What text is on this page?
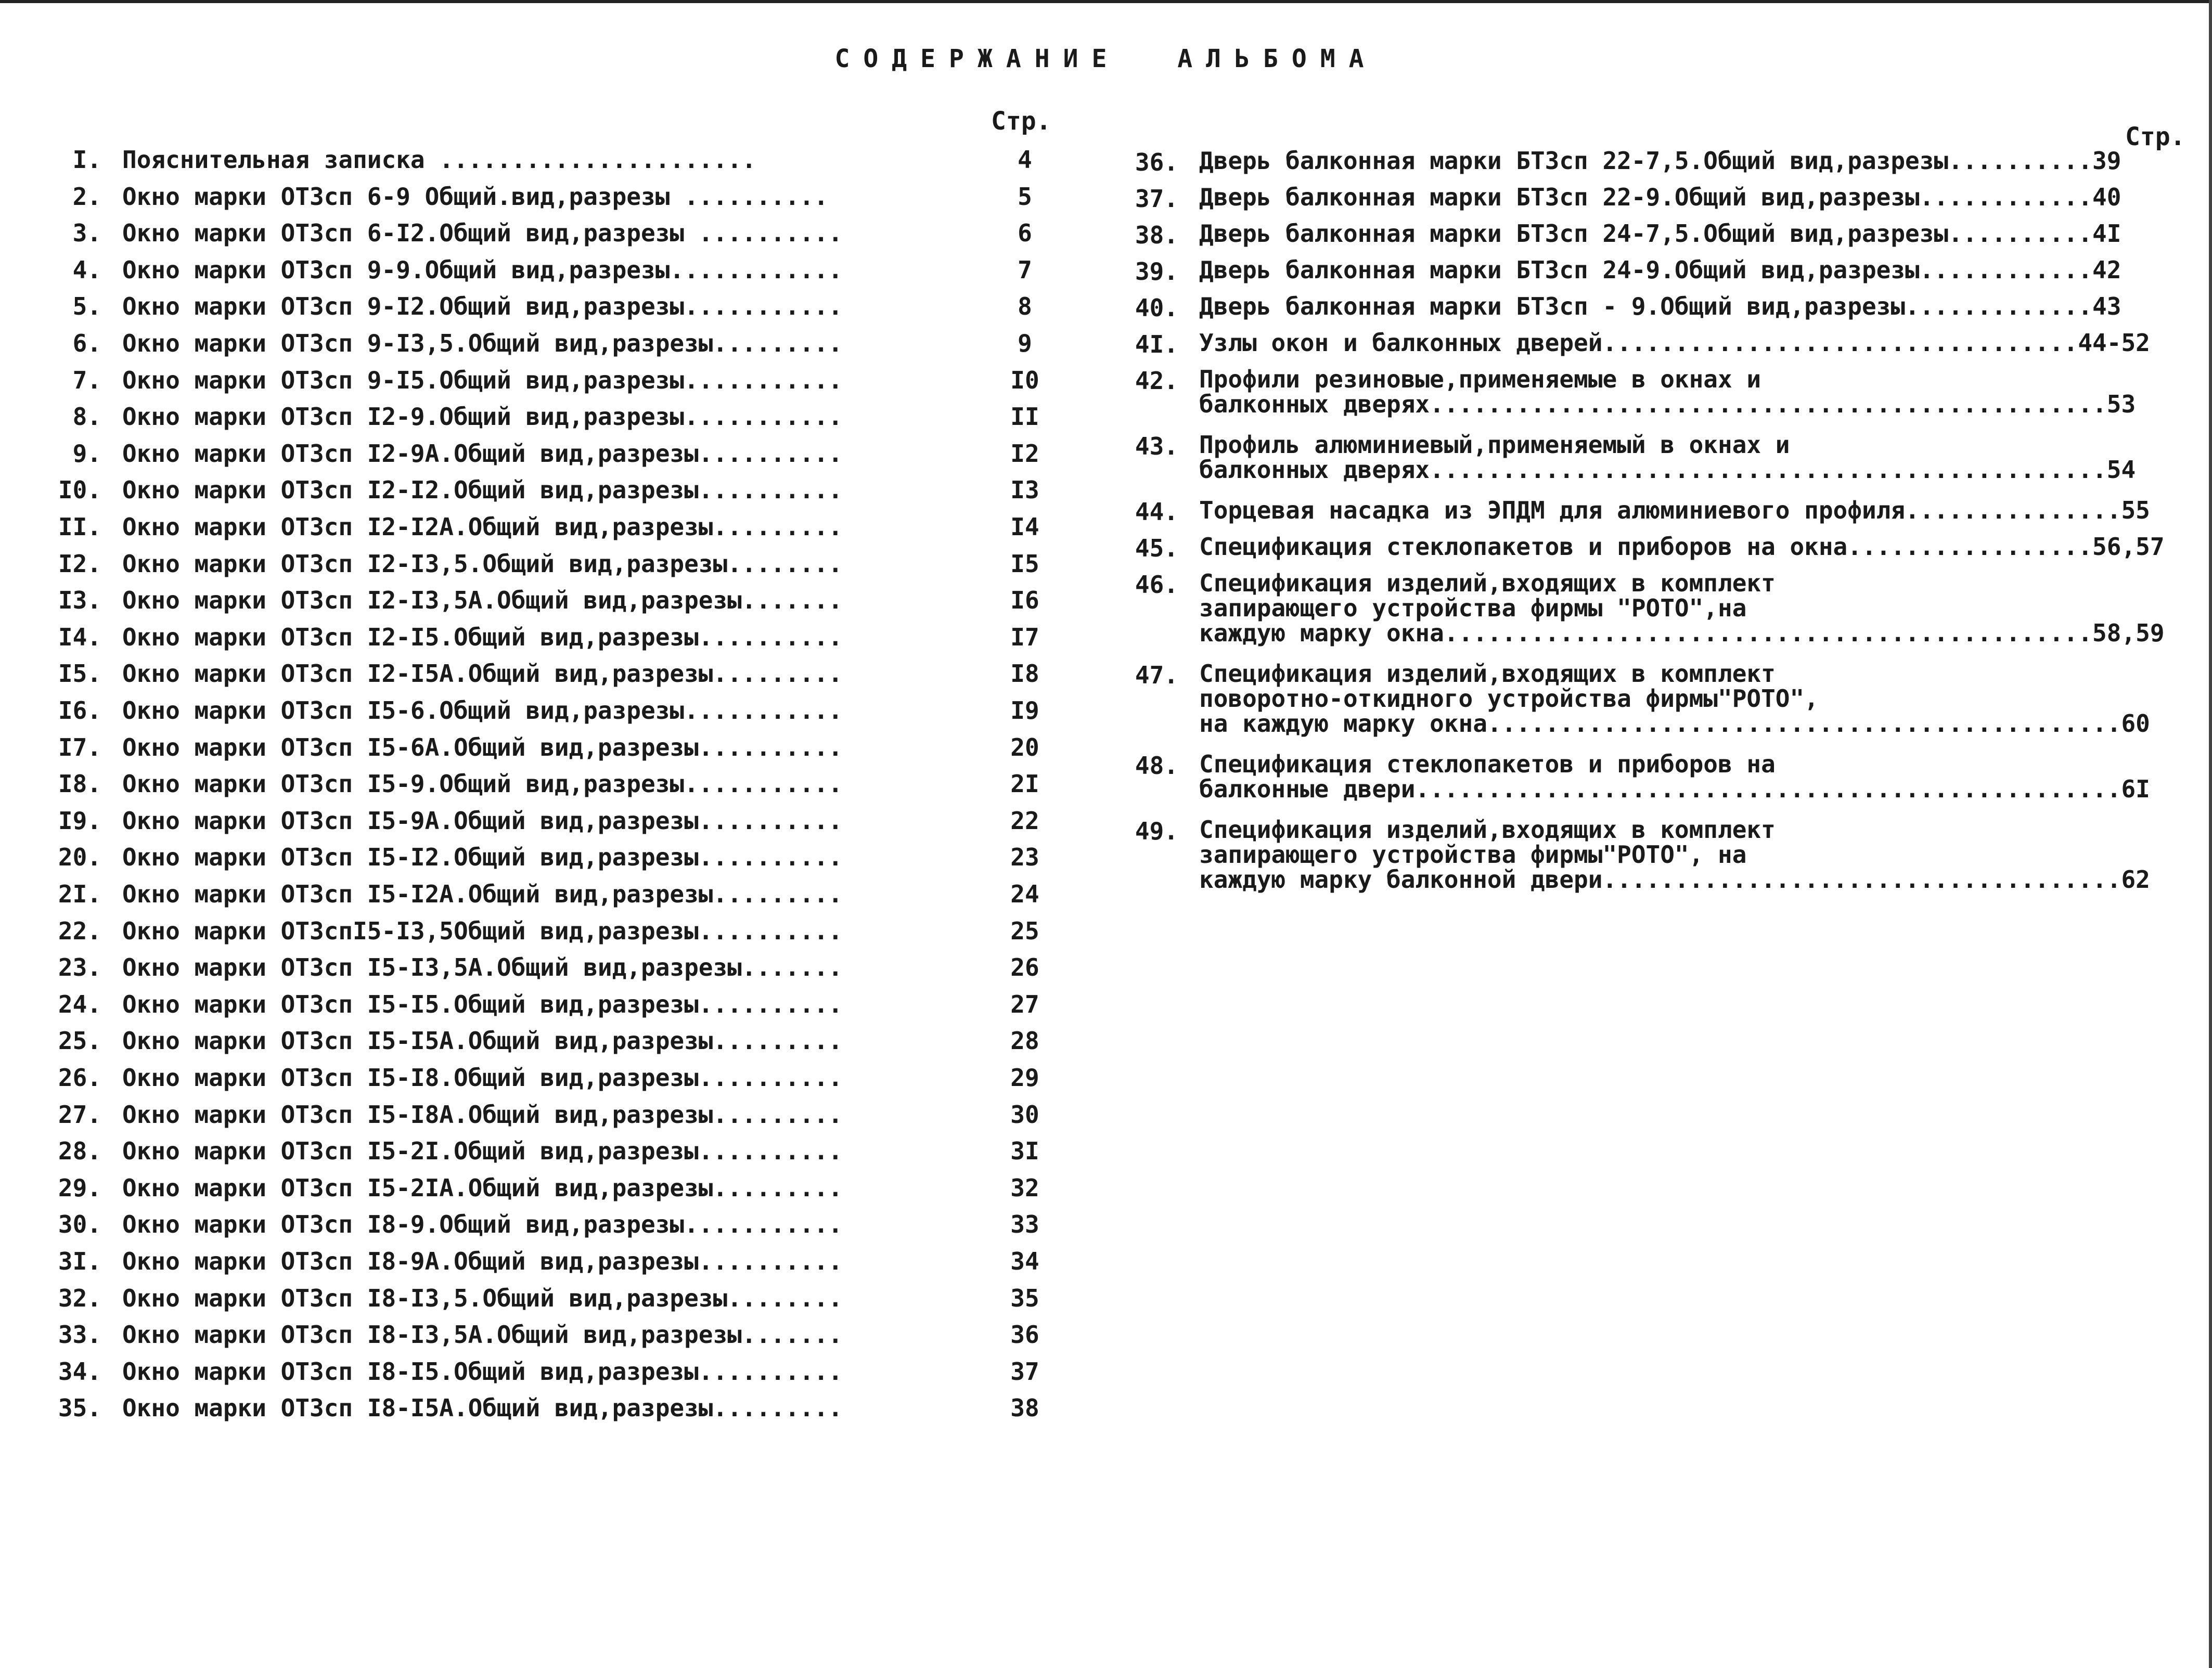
СОДЕРЖАНИЕ  АЛЬБОМА
Стр.
Стр.
I. Пояснительная записка ......................	4
2. Окно марки ОТ3сп 6-9 Общий.вид,разрезы ..........	5
3. Окно марки ОТ3сп 6-I2.Общий вид,разрезы ..........	6
4. Окно марки ОТ3сп 9-9.Общий вид,разрезы............	7
5. Окно марки ОТ3сп 9-I2.Общий вид,разрезы...........	8
6. Окно марки ОТ3сп 9-I3,5.Общий вид,разрезы.........	9
7. Окно марки ОТ3сп 9-I5.Общий вид,разрезы...........	I0
8. Окно марки ОТ3сп I2-9.Общий вид,разрезы...........	II
9. Окно марки ОТ3сп I2-9А.Общий вид,разрезы..........	I2
I0. Окно марки ОТ3сп I2-I2.Общий вид,разрезы..........	I3
II. Окно марки ОТ3сп I2-I2А.Общий вид,разрезы.........	I4
I2. Окно марки ОТ3сп I2-I3,5.Общий вид,разрезы........	I5
I3. Окно марки ОТ3сп I2-I3,5А.Общий вид,разрезы.......	I6
I4. Окно марки ОТ3сп I2-I5.Общий вид,разрезы..........	I7
I5. Окно марки ОТ3сп I2-I5А.Общий вид,разрезы.........	I8
I6. Окно марки ОТ3сп I5-6.Общий вид,разрезы...........	I9
I7. Окно марки ОТ3сп I5-6А.Общий вид,разрезы..........	20
I8. Окно марки ОТ3сп I5-9.Общий вид,разрезы...........	2I
I9. Окно марки ОТ3сп I5-9А.Общий вид,разрезы..........	22
20. Окно марки ОТ3сп I5-I2.Общий вид,разрезы..........	23
2I. Окно марки ОТ3сп I5-I2А.Общий вид,разрезы.........	24
22. Окно марки ОТ3спI5-I3,5Общий вид,разрезы..........	25
23. Окно марки ОТ3сп I5-I3,5А.Общий вид,разрезы.......	26
24. Окно марки ОТ3сп I5-I5.Общий вид,разрезы..........	27
25. Окно марки ОТ3сп I5-I5А.Общий вид,разрезы.........	28
26. Окно марки ОТ3сп I5-I8.Общий вид,разрезы..........	29
27. Окно марки ОТ3сп I5-I8А.Общий вид,разрезы.........	30
28. Окно марки ОТ3сп I5-2I.Общий вид,разрезы..........	3I
29. Окно марки ОТ3сп I5-2IА.Общий вид,разрезы.........	32
30. Окно марки ОТ3сп I8-9.Общий вид,разрезы...........	33
3I. Окно марки ОТ3сп I8-9А.Общий вид,разрезы..........	34
32. Окно марки ОТ3сп I8-I3,5.Общий вид,разрезы........	35
33. Окно марки ОТ3сп I8-I3,5А.Общий вид,разрезы.......	36
34. Окно марки ОТ3сп I8-I5.Общий вид,разрезы..........	37
35. Окно марки ОТ3сп I8-I5А.Общий вид,разрезы.........	38
36. Дверь балконная марки БТ3сп 22-7,5.Общий вид,разрезы..........39
37. Дверь балконная марки БТ3сп 22-9.Общий вид,разрезы............40
38. Дверь балконная марки БТ3сп 24-7,5.Общий вид,разрезы..........4I
39. Дверь балконная марки БТ3сп 24-9.Общий вид,разрезы............42
40. Дверь балконная марки БТ3сп - 9.Общий вид,разрезы.............43
4I. Узлы окон и балконных дверей.................................44-52
42. Профили резиновые,применяемые в окнах и
балконных дверях...............................................53
43. Профиль алюминиевый,применяемый в окнах и
балконных дверях...............................................54
44. Торцевая насадка из ЭПДМ для алюминиевого профиля...............55
45. Спецификация стеклопакетов и приборов на окна.................56,57
46. Спецификация изделий,входящих в комплект
запирающего устройства фирмы "РОТО",на
каждую марку окна.............................................58,59
47. Спецификация изделий,входящих в комплект
поворотно-откидного устройства фирмы"РОТО",
на каждую марку окна............................................60
48. Спецификация стеклопакетов и приборов на
балконные двери.................................................6I
49. Спецификация изделий,входящих в комплект
запирающего устройства фирмы"РОТО", на
каждую марку балконной двери....................................62
